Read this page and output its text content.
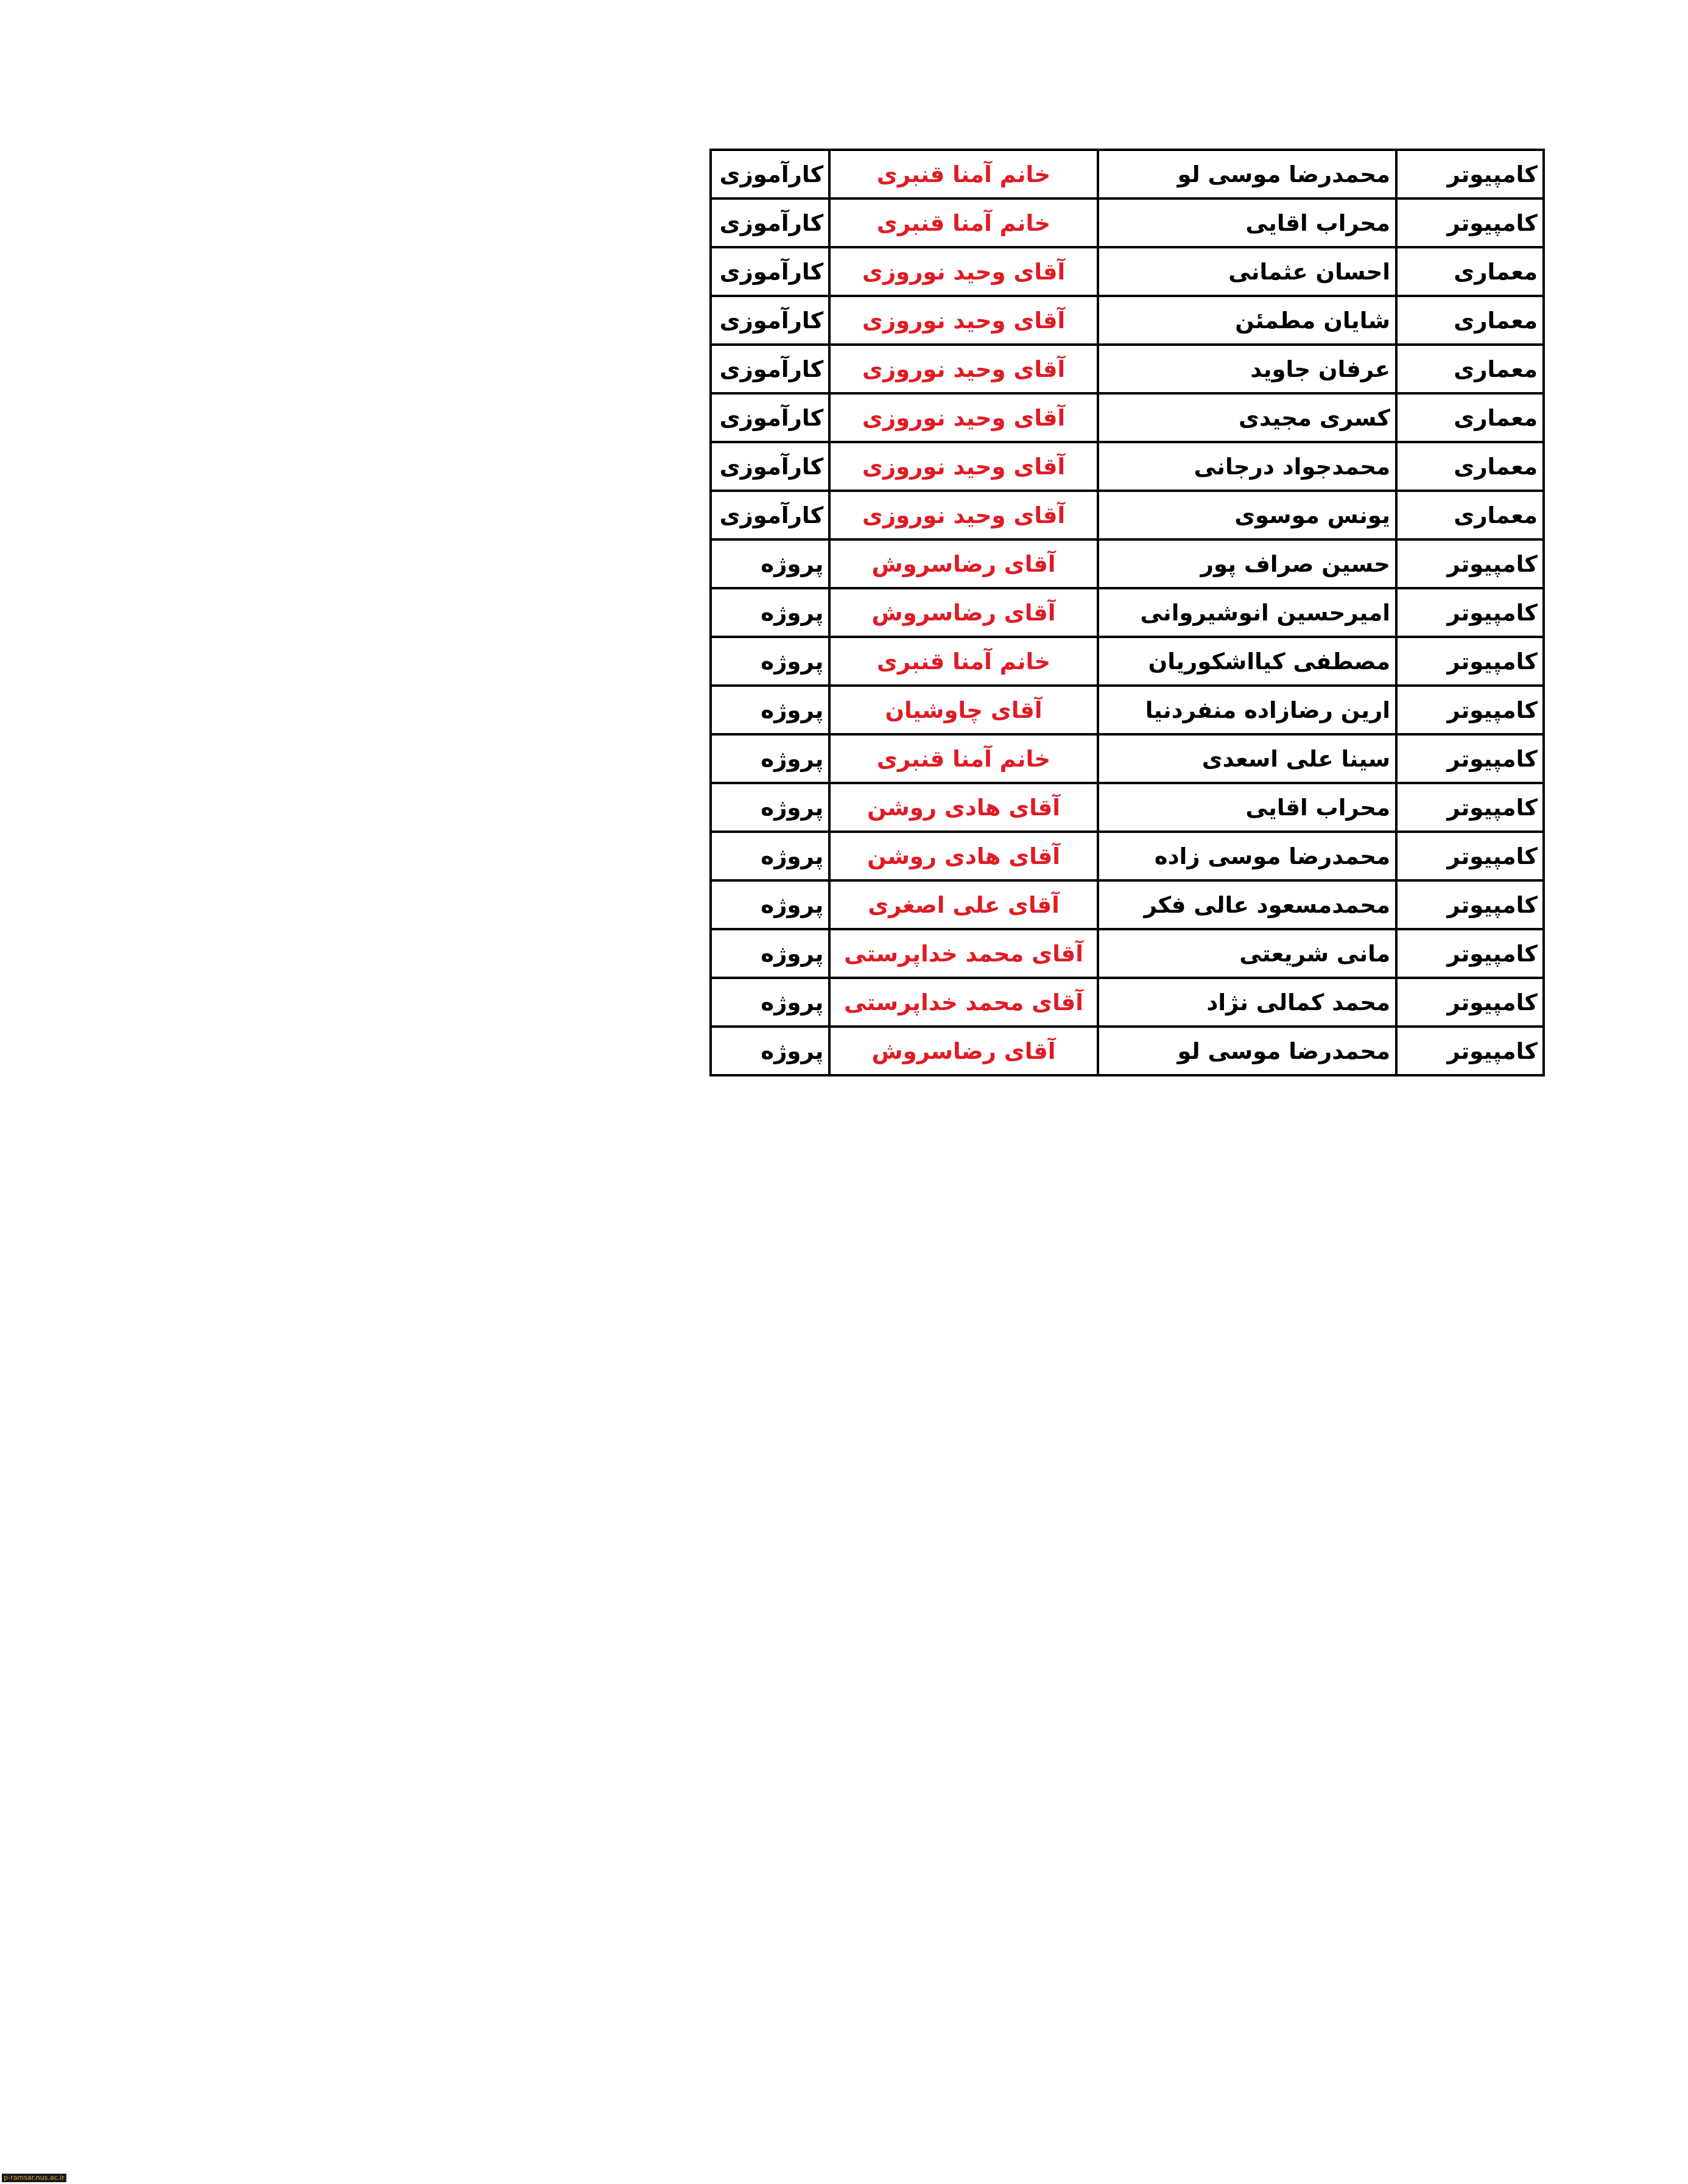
کامپیوتر	محمدرضا موسی لو	خانم آمنا قنبری	کارآموزی
کامپیوتر	محراب اقایی	خانم آمنا قنبری	کارآموزی
معماری	احسان عثمانی	آقای وحید نوروزی	کارآموزی
معماری	شایان مطمئن	آقای وحید نوروزی	کارآموزی
معماری	عرفان جاوید	آقای وحید نوروزی	کارآموزی
معماری	کسری مجیدی	آقای وحید نوروزی	کارآموزی
معماری	محمدجواد درجانی	آقای وحید نوروزی	کارآموزی
معماری	یونس موسوی	آقای وحید نوروزی	کارآموزی
کامپیوتر	حسین صراف پور	آقای رضاسروش	پروژه
کامپیوتر	امیرحسین انوشیروانی	آقای رضاسروش	پروژه
کامپیوتر	مصطفی کیااشکوریان	خانم آمنا قنبری	پروژه
کامپیوتر	ارین رضازاده منفردنیا	آقای چاوشیان	پروژه
کامپیوتر	سینا علی اسعدی	خانم آمنا قنبری	پروژه
کامپیوتر	محراب اقایی	آقای هادی روشن	پروژه
کامپیوتر	محمدرضا موسی زاده	آقای هادی روشن	پروژه
کامپیوتر	محمدمسعود عالی فکر	آقای علی اصغری	پروژه
کامپیوتر	مانی شریعتی	آقای محمد خداپرستی	پروژه
کامپیوتر	محمد کمالی نژاد	آقای محمد خداپرستی	پروژه
کامپیوتر	محمدرضا موسی لو	آقای رضاسروش	پروژه
p-ramsar.nus.ac.ir
